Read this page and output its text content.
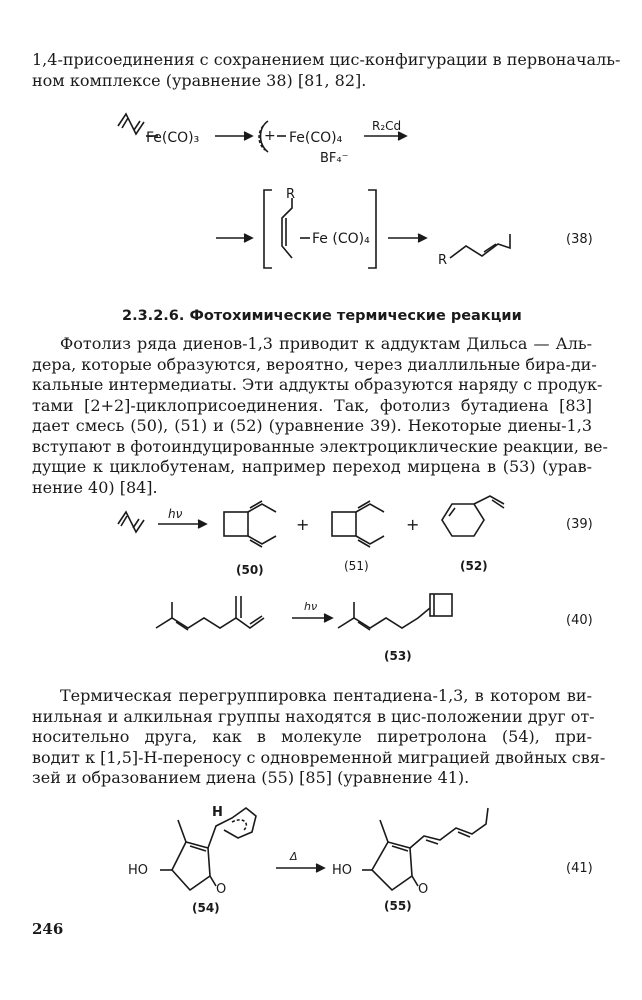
1,4-присоединения с сохранением цис-конфигурации в первоначаль-
ном комплексе (уравнение 38) [81, 82].
Fe(CO)₃	+ Fe(CO)₄
BF₄⁻
R₂Cd
R
Fe (CO)₄
R
(38)
2.3.2.6. Фотохимические термические реакции
Фотолиз ряда диенов-1,3 приводит к аддуктам Дильса — Аль-
дера, которые образуются, вероятно, через диаллильные бира-ди-
кальные интермедиаты. Эти аддукты образуются наряду с продук-
тами [2+2]-циклоприсоединения. Так, фотолиз бутадиена [83]
дает смесь (50), (51) и (52) (уравнение 39). Некоторые диены-1,3
вступают в фотоиндуцированные электроциклические реакции, ве-
дущие к циклобутенам, например переход мирцена в (53) (урав-
нение 40) [84].
hν
+	+
(50)	(51)	(52)
(39)
hν
(53)
(40)
Термическая перегруппировка пентадиена-1,3, в котором ви-
нильная и алкильная группы находятся в цис-положении друг от-
носительно друга, как в молекуле пиретролона (54), при-
водит к [1,5]-H-переносу с одновременной миграцией двойных свя-
зей и образованием диена (55) [85] (уравнение 41).
H
HO
O
Δ
HO
O
(54)	(55)
(41)
246
